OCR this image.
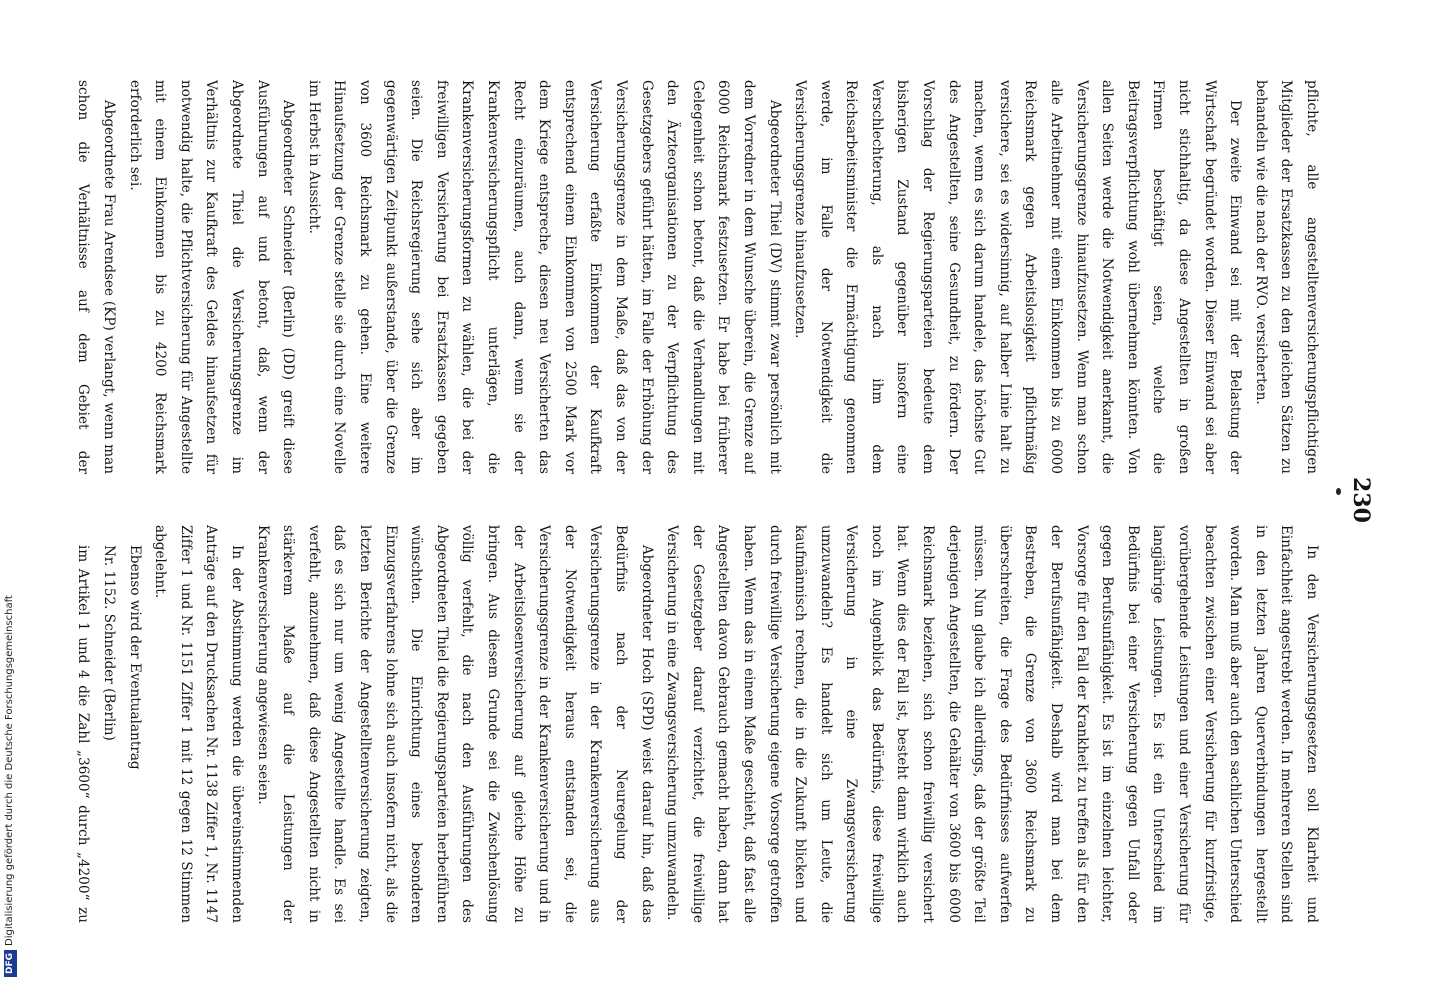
230

pflichte, alle angestelltenversicherungspflichtigen Mitglieder der Ersatzkassen zu den gleichen Sätzen zu behandeln wie die nach der RVO. versicherten.

Der zweite Einwand sei mit der Belastung der Wirtschaft begründet worden. Dieser Einwand sei aber nicht stichhaltig, da diese Angestellten in großen Firmen beschäftigt seien, welche die Beitragsverpflichtung wohl übernehmen könnten. Von allen Seiten werde die Notwendigkeit anerkannt, die Versicherungsgrenze hinaufzusetzen. Wenn man schon alle Arbeitnehmer mit einem Einkommen bis zu 6000 Reichsmark gegen Arbeitslosigkeit pflichtmäßig versichere, sei es widersinnig, auf halber Linie halt zu machen, wenn es sich darum handele, das höchste Gut des Angestellten, seine Gesundheit, zu fördern. Der Vorschlag der Regierungsparteien bedeute dem bisherigen Zustand gegenüber insofern eine Verschlechterung, als nach ihm dem Reichsarbeitsminister die Ermächtigung genommen werde, im Falle der Notwendigkeit die Versicherungsgrenze hinaufzusetzen.

Abgeordneter Thiel (DV) stimmt zwar persönlich mit dem Vorredner in dem Wunsche überein, die Grenze auf 6000 Reichsmark festzusetzen. Er habe bei früherer Gelegenheit schon betont, daß die Verhandlungen mit den Ärzteorganisationen zu der Verpflichtung des Gesetzgebers geführt hätten, im Falle der Erhöhung der Versicherungsgrenze in dem Maße, daß das von der Versicherung erfaßte Einkommen der Kaufkraft entsprechend einem Einkommen von 2500 Mark vor dem Kriege entspreche, diesen neu Versicherten das Recht einzuräumen, auch dann, wenn sie der Krankenversicherungspflicht unterlägen, die Krankenversicherungsformen zu wählen, die bei der freiwilligen Versicherung bei Ersatzkassen gegeben seien. Die Reichsregierung sehe sich aber im gegenwärtigen Zeitpunkt außerstande, über die Grenze von 3600 Reichsmark zu gehen. Eine weitere Hinaufsetzung der Grenze stelle sie durch eine Novelle im Herbst in Aussicht.

Abgeordneter Schneider (Berlin) (DD) greift diese Ausführungen auf und betont, daß, wenn der Abgeordnete Thiel die Versicherungsgrenze im Verhältnis zur Kaufkraft des Geldes hinaufsetzen für notwendig halte, die Pflichtversicherung für Angestellte mit einem Einkommen bis zu 4200 Reichsmark erforderlich sei.

Abgeordnete Frau Arendsee (KP) verlangt, wenn man schon die Verhältnisse auf dem Gebiet der

In den Versicherungsgesetzen soll Klarheit und Einfachheit angestrebt werden. In mehreren Stellen sind in den letzten Jahren Querverbindungen hergestellt worden. Man muß aber auch den sachlichen Unterschied beachten zwischen einer Versicherung für kurzfristige, vorübergehende Leistungen und einer Versicherung für langjährige Leistungen. Es ist ein Unterschied im Bedürfnis bei einer Versicherung gegen Unfall oder gegen Berufsunfähigkeit. Es ist im einzelnen leichter, Vorsorge für den Fall der Krankheit zu treffen als für den der Berufsunfähigkeit. Deshalb wird man bei dem Bestreben, die Grenze von 3600 Reichsmark zu überschreiten, die Frage des Bedürfnisses aufwerfen müssen. Nun glaube ich allerdings, daß der größte Teil derjenigen Angestellten, die Gehälter von 3600 bis 6000 Reichsmark beziehen, sich schon freiwillig versichert hat. Wenn dies der Fall ist, besteht dann wirklich auch noch im Augenblick das Bedürfnis, diese freiwillige Versicherung in eine Zwangsversicherung umzuwandeln? Es handelt sich um Leute, die kaufmännisch rechnen, die in die Zukunft blicken und durch freiwillige Versicherung eigene Vorsorge getroffen haben. Wenn das in einem Maße geschieht, daß fast alle Angestellten davon Gebrauch gemacht haben, dann hat der Gesetzgeber darauf verzichtet, die freiwillige Versicherung in eine Zwangsversicherung umzuwandeln.

Abgeordneter Hoch (SPD) weist darauf hin, daß das Bedürfnis nach der Neuregelung der Versicherungsgrenze in der Krankenversicherung aus der Notwendigkeit heraus entstanden sei, die Versicherungsgrenze in der Krankenversicherung und in der Arbeitslosenversicherung auf gleiche Höhe zu bringen. Aus diesem Grunde sei die Zwischenlösung völlig verfehlt, die nach den Ausführungen des Abgeordneten Thiel die Regierungsparteien herbeiführen wünschten. Die Einrichtung eines besonderen Einzugsverfahrens lohne sich auch insofern nicht, als die letzten Berichte der Angestelltenversicherung zeigten, daß es sich nur um wenig Angestellte handle. Es sei verfehlt, anzunehmen, daß diese Angestellten nicht in stärkerem Maße auf die Leistungen der Krankenversicherung angewiesen seien.

In der Abstimmung werden die übereinstimmenden Anträge auf den Drucksachen Nr. 1138 Ziffer 1, Nr. 1147 Ziffer 1 und Nr. 1151 Ziffer 1 mit 12 gegen 12 Stimmen abgelehnt.

Ebenso wird der Eventualantrag

Nr. 1152. Schneider (Berlin)

im Artikel 1 und 4 die Zahl „3600“ durch „4200“ zu

DFGDigitalisierung gefördert durch die Deutsche Forschungsgemeinschaft
